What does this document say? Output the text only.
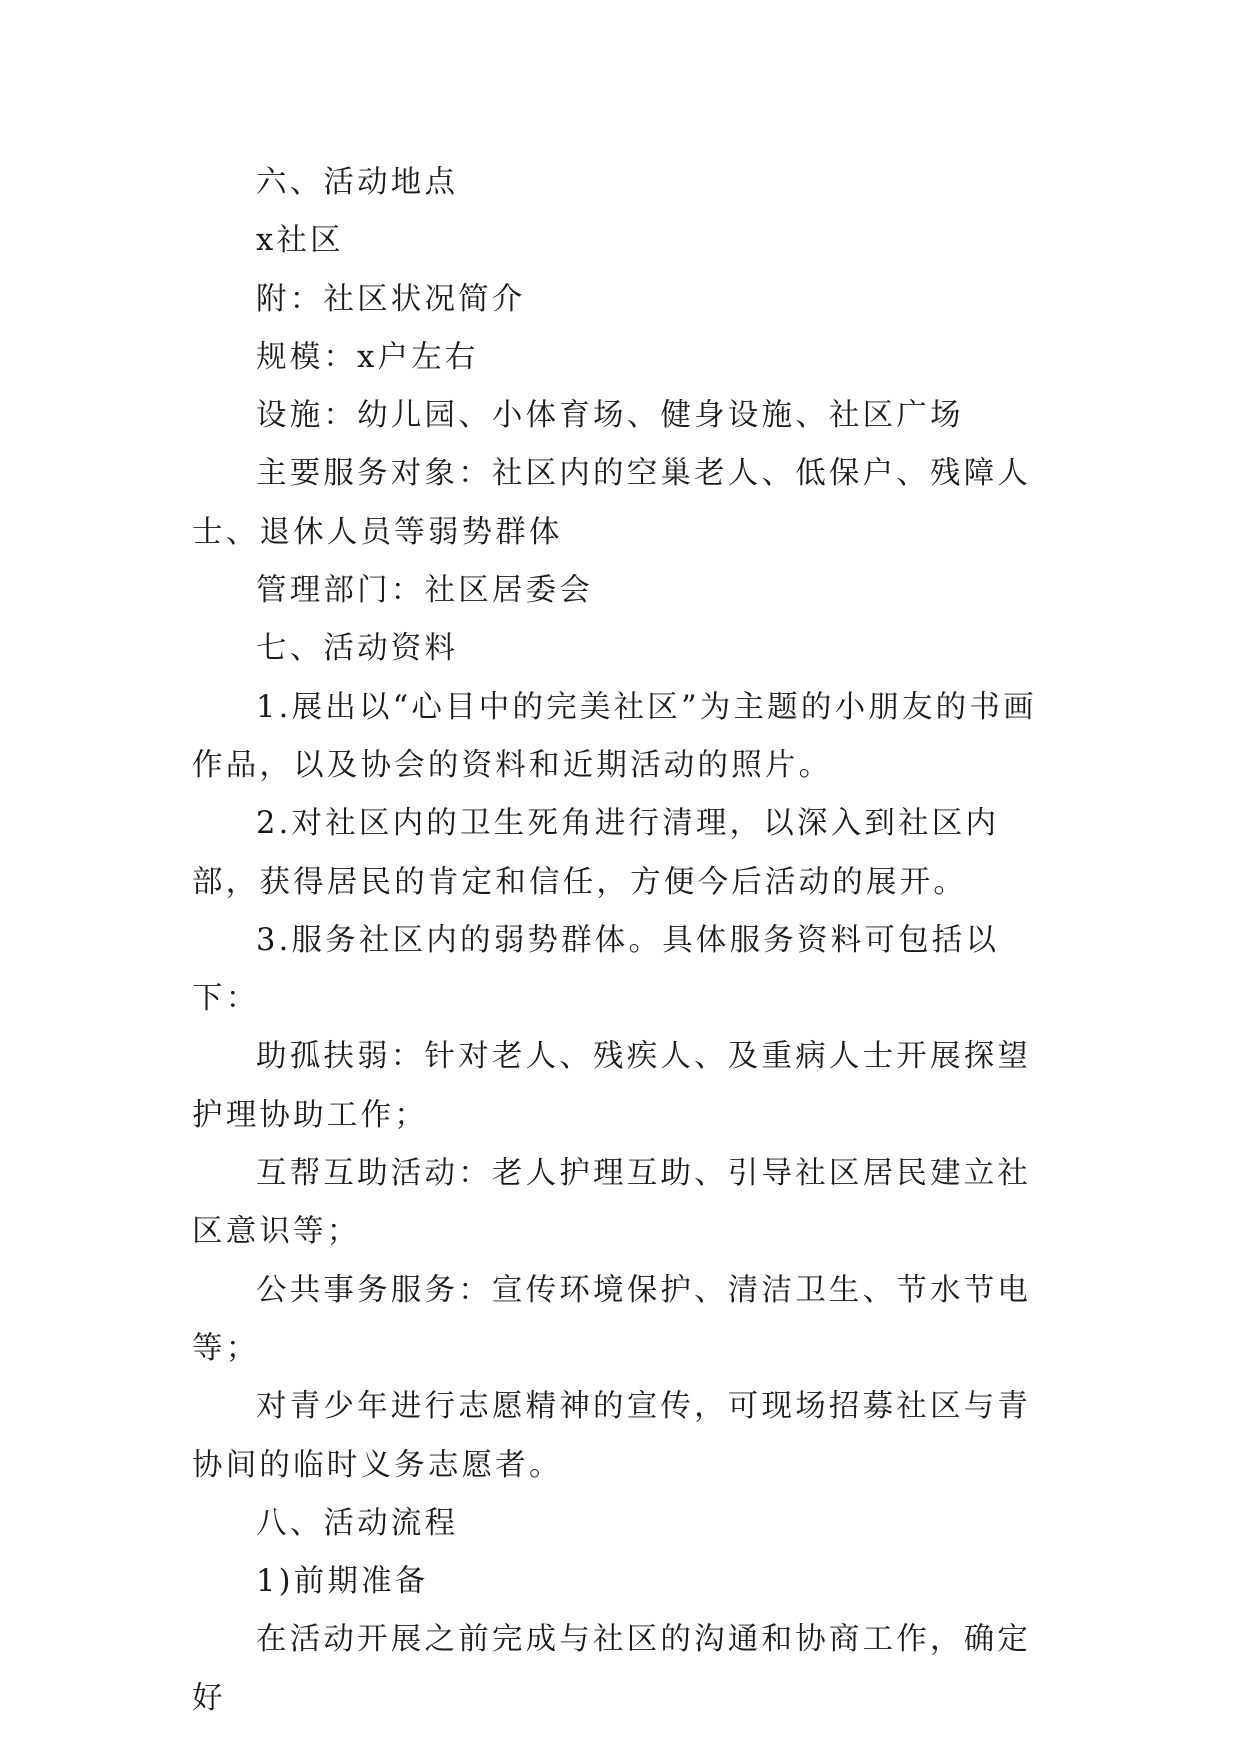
六、活动地点

x社区

附：社区状况简介

规模：x户左右

设施：幼儿园、小体育场、健身设施、社区广场

主要服务对象：社区内的空巢老人、低保户、残障人士、退休人员等弱势群体

管理部门：社区居委会

七、活动资料

1.展出以“心目中的完美社区”为主题的小朋友的书画作品，以及协会的资料和近期活动的照片。

2.对社区内的卫生死角进行清理，以深入到社区内部，获得居民的肯定和信任，方便今后活动的展开。

3.服务社区内的弱势群体。具体服务资料可包括以下：

助孤扶弱：针对老人、残疾人、及重病人士开展探望护理协助工作；

互帮互助活动：老人护理互助、引导社区居民建立社区意识等；

公共事务服务：宣传环境保护、清洁卫生、节水节电等；

对青少年进行志愿精神的宣传，可现场招募社区与青协间的临时义务志愿者。

八、活动流程

1)前期准备

在活动开展之前完成与社区的沟通和协商工作，确定好
